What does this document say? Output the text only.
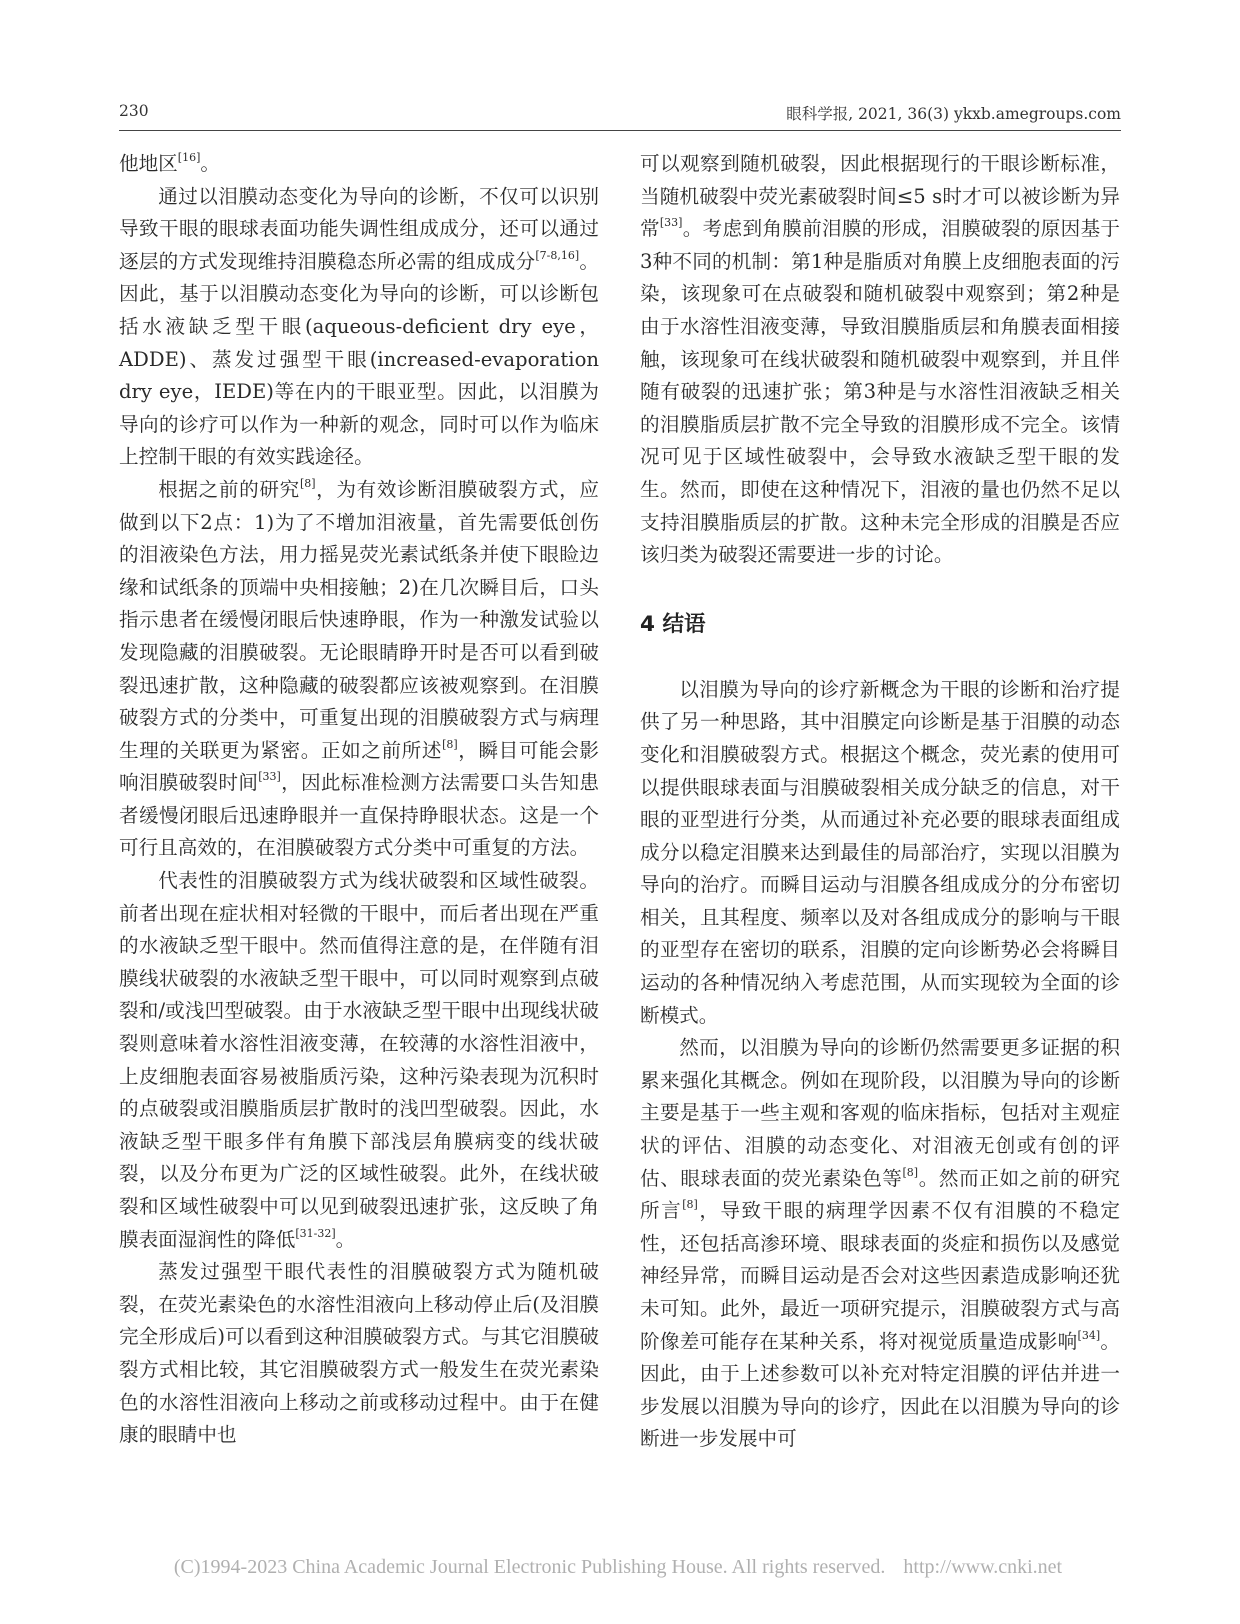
230	眼科学报, 2021, 36(3) ykxb.amegroups.com

他地区[16]。

通过以泪膜动态变化为导向的诊断，不仅可以识别导致干眼的眼球表面功能失调性组成成分，还可以通过逐层的方式发现维持泪膜稳态所必需的组成成分[7-8,16]。因此，基于以泪膜动态变化为导向的诊断，可以诊断包括水液缺乏型干眼(aqueous-deficient dry eye，ADDE)、蒸发过强型干眼(increased-evaporation dry eye，IEDE)等在内的干眼亚型。因此，以泪膜为导向的诊疗可以作为一种新的观念，同时可以作为临床上控制干眼的有效实践途径。

根据之前的研究[8]，为有效诊断泪膜破裂方式，应做到以下2点：1)为了不增加泪液量，首先需要低创伤的泪液染色方法，用力摇晃荧光素试纸条并使下眼睑边缘和试纸条的顶端中央相接触；2)在几次瞬目后，口头指示患者在缓慢闭眼后快速睁眼，作为一种激发试验以发现隐藏的泪膜破裂。无论眼睛睁开时是否可以看到破裂迅速扩散，这种隐藏的破裂都应该被观察到。在泪膜破裂方式的分类中，可重复出现的泪膜破裂方式与病理生理的关联更为紧密。正如之前所述[8]，瞬目可能会影响泪膜破裂时间[33]，因此标准检测方法需要口头告知患者缓慢闭眼后迅速睁眼并一直保持睁眼状态。这是一个可行且高效的，在泪膜破裂方式分类中可重复的方法。

代表性的泪膜破裂方式为线状破裂和区域性破裂。前者出现在症状相对轻微的干眼中，而后者出现在严重的水液缺乏型干眼中。然而值得注意的是，在伴随有泪膜线状破裂的水液缺乏型干眼中，可以同时观察到点破裂和/或浅凹型破裂。由于水液缺乏型干眼中出现线状破裂则意味着水溶性泪液变薄，在较薄的水溶性泪液中，上皮细胞表面容易被脂质污染，这种污染表现为沉积时的点破裂或泪膜脂质层扩散时的浅凹型破裂。因此，水液缺乏型干眼多伴有角膜下部浅层角膜病变的线状破裂，以及分布更为广泛的区域性破裂。此外，在线状破裂和区域性破裂中可以见到破裂迅速扩张，这反映了角膜表面湿润性的降低[31-32]。

蒸发过强型干眼代表性的泪膜破裂方式为随机破裂，在荧光素染色的水溶性泪液向上移动停止后(及泪膜完全形成后)可以看到这种泪膜破裂方式。与其它泪膜破裂方式相比较，其它泪膜破裂方式一般发生在荧光素染色的水溶性泪液向上移动之前或移动过程中。由于在健康的眼睛中也

可以观察到随机破裂，因此根据现行的干眼诊断标准，当随机破裂中荧光素破裂时间≤5 s时才可以被诊断为异常[33]。考虑到角膜前泪膜的形成，泪膜破裂的原因基于3种不同的机制：第1种是脂质对角膜上皮细胞表面的污染，该现象可在点破裂和随机破裂中观察到；第2种是由于水溶性泪液变薄，导致泪膜脂质层和角膜表面相接触，该现象可在线状破裂和随机破裂中观察到，并且伴随有破裂的迅速扩张；第3种是与水溶性泪液缺乏相关的泪膜脂质层扩散不完全导致的泪膜形成不完全。该情况可见于区域性破裂中，会导致水液缺乏型干眼的发生。然而，即使在这种情况下，泪液的量也仍然不足以支持泪膜脂质层的扩散。这种未完全形成的泪膜是否应该归类为破裂还需要进一步的讨论。

4 结语

以泪膜为导向的诊疗新概念为干眼的诊断和治疗提供了另一种思路，其中泪膜定向诊断是基于泪膜的动态变化和泪膜破裂方式。根据这个概念，荧光素的使用可以提供眼球表面与泪膜破裂相关成分缺乏的信息，对干眼的亚型进行分类，从而通过补充必要的眼球表面组成成分以稳定泪膜来达到最佳的局部治疗，实现以泪膜为导向的治疗。而瞬目运动与泪膜各组成成分的分布密切相关，且其程度、频率以及对各组成成分的影响与干眼的亚型存在密切的联系，泪膜的定向诊断势必会将瞬目运动的各种情况纳入考虑范围，从而实现较为全面的诊断模式。

然而，以泪膜为导向的诊断仍然需要更多证据的积累来强化其概念。例如在现阶段，以泪膜为导向的诊断主要是基于一些主观和客观的临床指标，包括对主观症状的评估、泪膜的动态变化、对泪液无创或有创的评估、眼球表面的荧光素染色等[8]。然而正如之前的研究所言[8]，导致干眼的病理学因素不仅有泪膜的不稳定性，还包括高渗环境、眼球表面的炎症和损伤以及感觉神经异常，而瞬目运动是否会对这些因素造成影响还犹未可知。此外，最近一项研究提示，泪膜破裂方式与高阶像差可能存在某种关系，将对视觉质量造成影响[34]。因此，由于上述参数可以补充对特定泪膜的评估并进一步发展以泪膜为导向的诊疗，因此在以泪膜为导向的诊断进一步发展中可

(C)1994-2023 China Academic Journal Electronic Publishing House. All rights reserved. http://www.cnki.net
